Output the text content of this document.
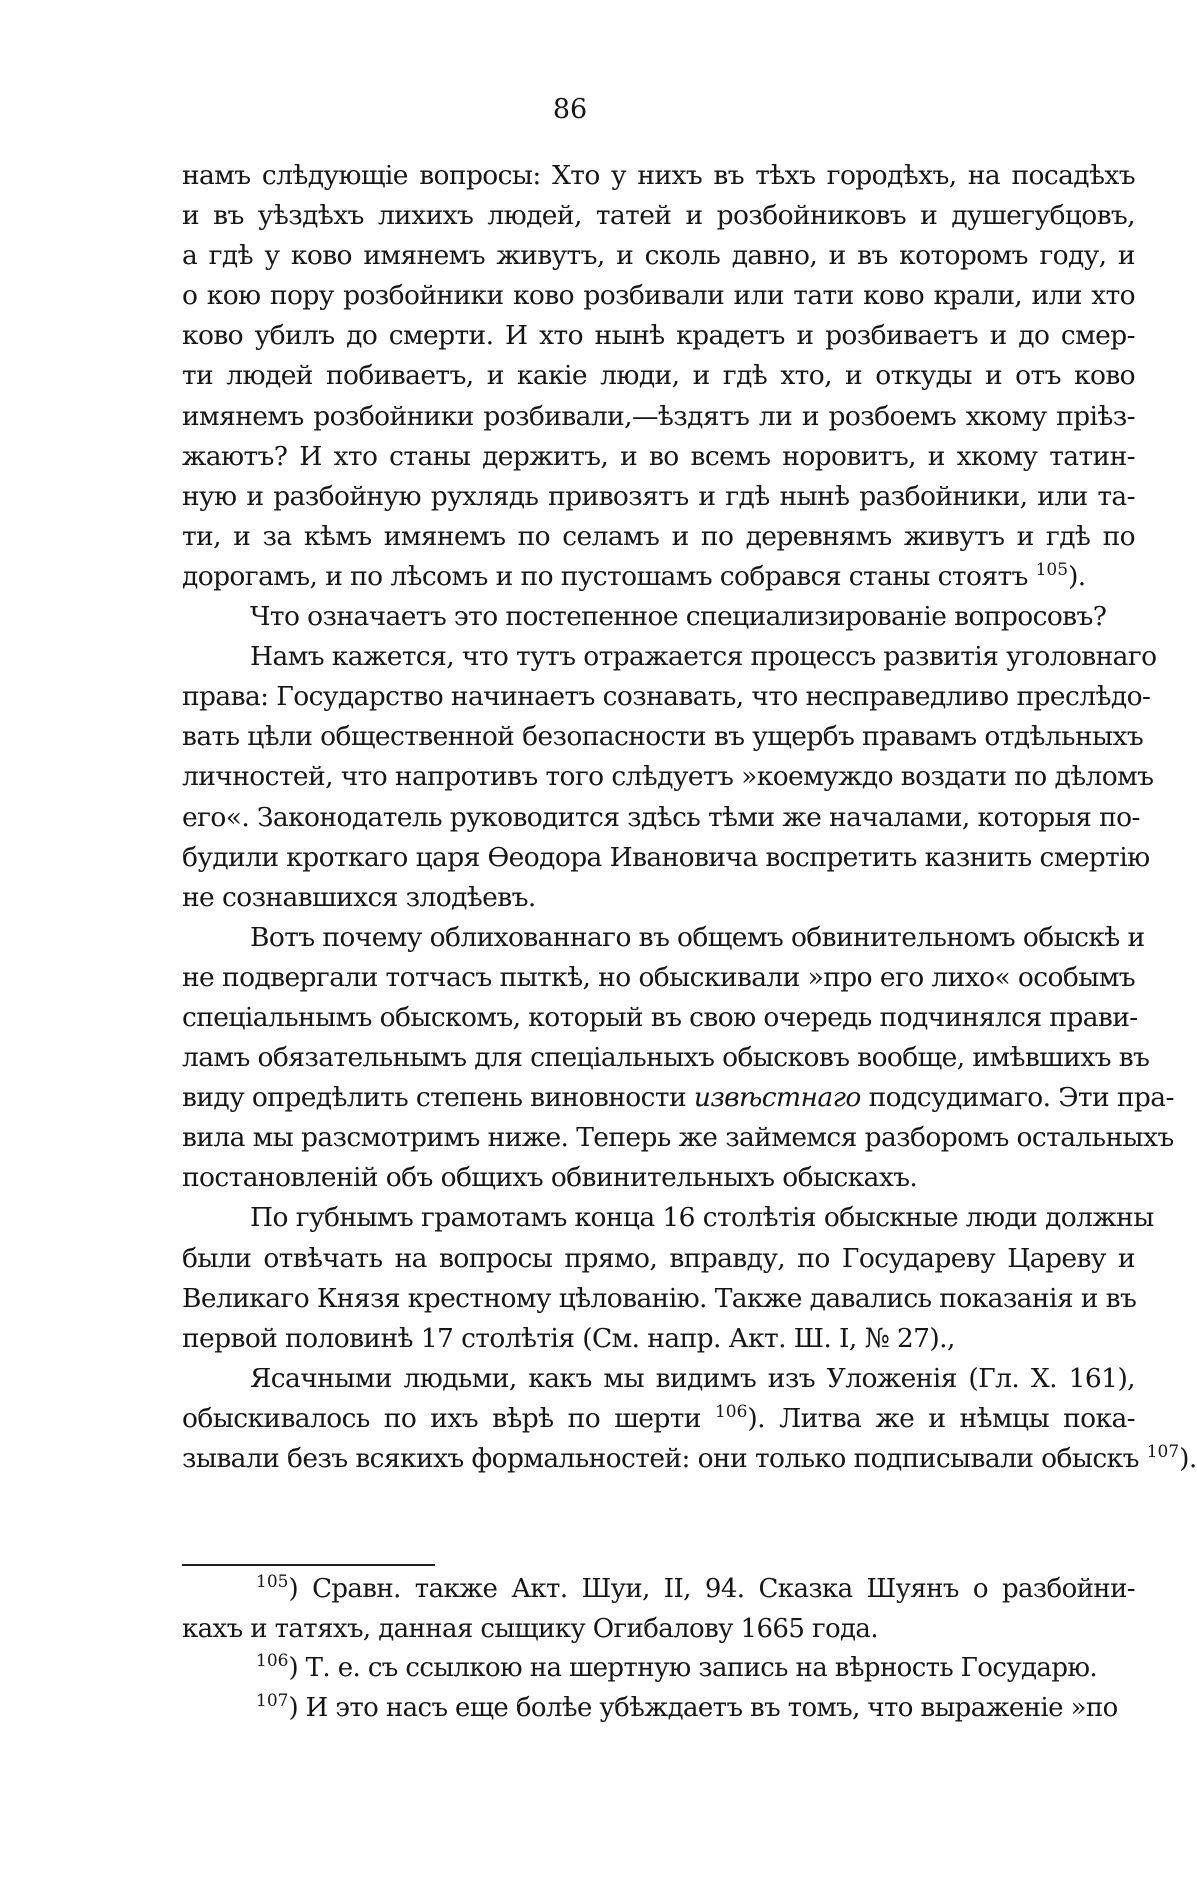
86
намъ слѣдующіе вопросы: Хто у нихъ въ тѣхъ городѣхъ, на посадѣхъ
и въ уѣздѣхъ лихихъ людей, татей и розбойниковъ и душегубцовъ,
а гдѣ у ково имянемъ живутъ, и сколь давно, и въ которомъ году, и
о кою пору розбойники ково розбивали или тати ково крали, или хто
ково убилъ до смерти. И хто нынѣ крадетъ и розбиваетъ и до смер-
ти людей побиваетъ, и какіе люди, и гдѣ хто, и откуды и отъ ково
имянемъ розбойники розбивали,—ѣздятъ ли и розбоемъ хкому пріѣз-
жаютъ? И хто станы держитъ, и во всемъ норовитъ, и хкому татин-
ную и разбойную рухлядь привозятъ и гдѣ нынѣ разбойники, или та-
ти, и за кѣмъ имянемъ по селамъ и по деревнямъ живутъ и гдѣ по
дорогамъ, и по лѣсомъ и по пустошамъ собрався станы стоятъ $^{105}$).
Что означаетъ это постепенное специализированіе вопросовъ?
Намъ кажется, что тутъ отражается процессъ развитія уголовнаго
права: Государство начинаетъ сознавать, что несправедливо преслѣдо-
вать цѣли общественной безопасности въ ущербъ правамъ отдѣльныхъ
личностей, что напротивъ того слѣдуетъ »коемуждо воздати по дѣломъ
его«. Законодатель руководится здѣсь тѣми же началами, которыя по-
будили кроткаго царя Ѳеодора Ивановича воспретить казнить смертію
не сознавшихся злодѣевъ.
Вотъ почему облихованнаго въ общемъ обвинительномъ обыскѣ и
не подвергали тотчасъ пыткѣ, но обыскивали »про его лихо« особымъ
спеціальнымъ обыскомъ, который въ свою очередь подчинялся прави-
ламъ обязательнымъ для спеціальныхъ обысковъ вообще, имѣвшихъ въ
виду опредѣлить степень виновности извѣстнаго подсудимаго. Эти пра-
вила мы разсмотримъ ниже. Теперь же займемся разборомъ остальныхъ
постановленій объ общихъ обвинительныхъ обыскахъ.
По губнымъ грамотамъ конца 16 столѣтія обыскные люди должны
были отвѣчать на вопросы прямо, вправду, по Государеву Цареву и
Великаго Князя крестному цѣлованію. Также давались показанія и въ
первой половинѣ 17 столѣтія (См. напр. Акт. Ш. I, № 27).,
Ясачными людьми, какъ мы видимъ изъ Уложенія (Гл. X. 161),
обыскивалось по ихъ вѣрѣ по шерти $^{106}$). Литва же и нѣмцы пока-
зывали безъ всякихъ формальностей: они только подписывали обыскъ $^{107}$).
$^{105}$) Сравн. также Акт. Шуи, II, 94. Сказка Шуянъ о разбойни-
кахъ и татяхъ, данная сыщику Огибалову 1665 года.
$^{106}$) Т. е. съ ссылкою на шертную запись на вѣрность Государю.
$^{107}$) И это насъ еще болѣе убѣждаетъ въ томъ, что выраженіе »по
